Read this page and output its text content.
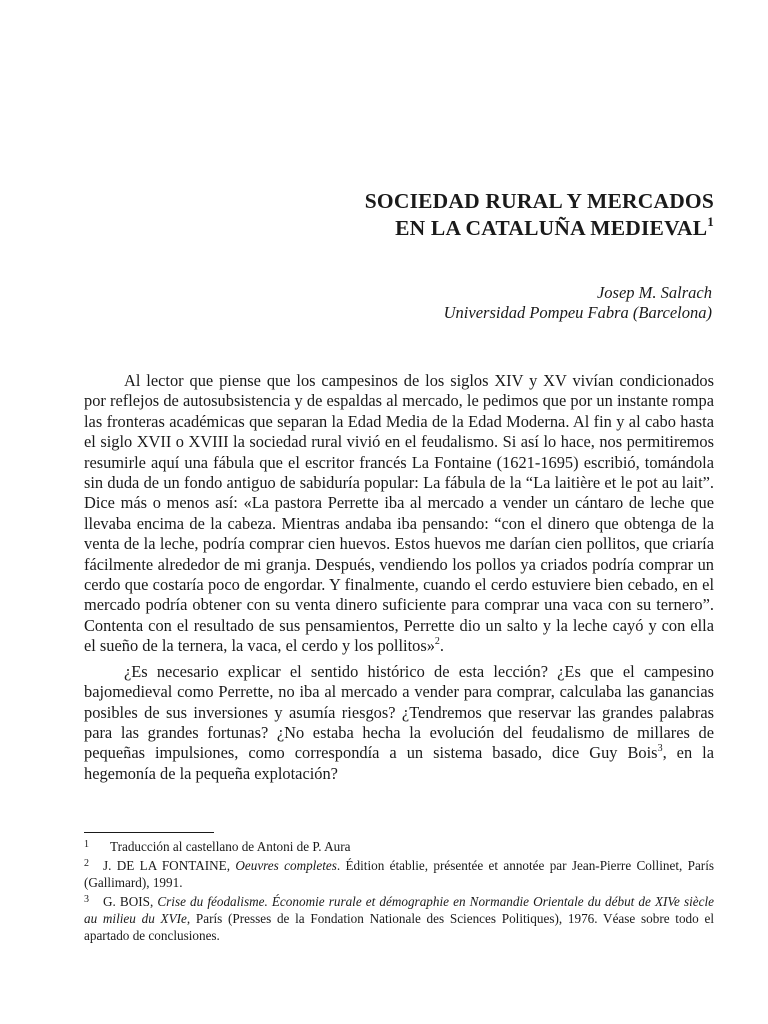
SOCIEDAD RURAL Y MERCADOS
EN LA CATALUÑA MEDIEVAL$^1$
Josep M. Salrach
Universidad Pompeu Fabra (Barcelona)

Al lector que piense que los campesinos de los siglos XIV y XV vivían condicionados por reflejos de autosubsistencia y de espaldas al mercado, le pedimos que por un instante rompa las fronteras académicas que separan la Edad Media de la Edad Moderna. Al fin y al cabo hasta el siglo XVII o XVIII la sociedad rural vivió en el feudalismo. Si así lo hace, nos permitiremos resumirle aquí una fábula que el escritor francés La Fontaine (1621-1695) escribió, tomándola sin duda de un fondo antiguo de sabiduría popular: La fábula de la “La laitière et le pot au lait”. Dice más o menos así: «La pastora Perrette iba al mercado a vender un cántaro de leche que llevaba encima de la cabeza. Mientras andaba iba pensando: “con el dinero que obtenga de la venta de la leche, podría comprar cien huevos. Estos huevos me darían cien pollitos, que criaría fácilmente alrededor de mi granja. Después, vendiendo los pollos ya criados podría comprar un cerdo que costaría poco de engordar. Y finalmente, cuando el cerdo estuviere bien cebado, en el mercado podría obtener con su venta dinero suficiente para comprar una vaca con su ternero”. Contenta con el resultado de sus pensamientos, Perrette dio un salto y la leche cayó y con ella el sueño de la ternera, la vaca, el cerdo y los pollitos»$^2$.

¿Es necesario explicar el sentido histórico de esta lección? ¿Es que el campesino bajomedieval como Perrette, no iba al mercado a vender para comprar, calculaba las ganancias posibles de sus inversiones y asumía riesgos? ¿Tendremos que reservar las grandes palabras para las grandes fortunas? ¿No estaba hecha la evolución del feudalismo de millares de pequeñas impulsiones, como correspondía a un sistema basado, dice Guy Bois$^3$, en la hegemonía de la pequeña explotación?

1 Traducción al castellano de Antoni de P. Aura

$^2$ J. DE LA FONTAINE, Oeuvres completes. Édition établie, présentée et annotée par Jean-Pierre Collinet, París (Gallimard), 1991.

$^3$ G. BOIS, Crise du féodalisme. Économie rurale et démographie en Normandie Orientale du début de XIVe siècle au milieu du XVIe, París (Presses de la Fondation Nationale des Sciences Politiques), 1976. Véase sobre todo el apartado de conclusiones.
